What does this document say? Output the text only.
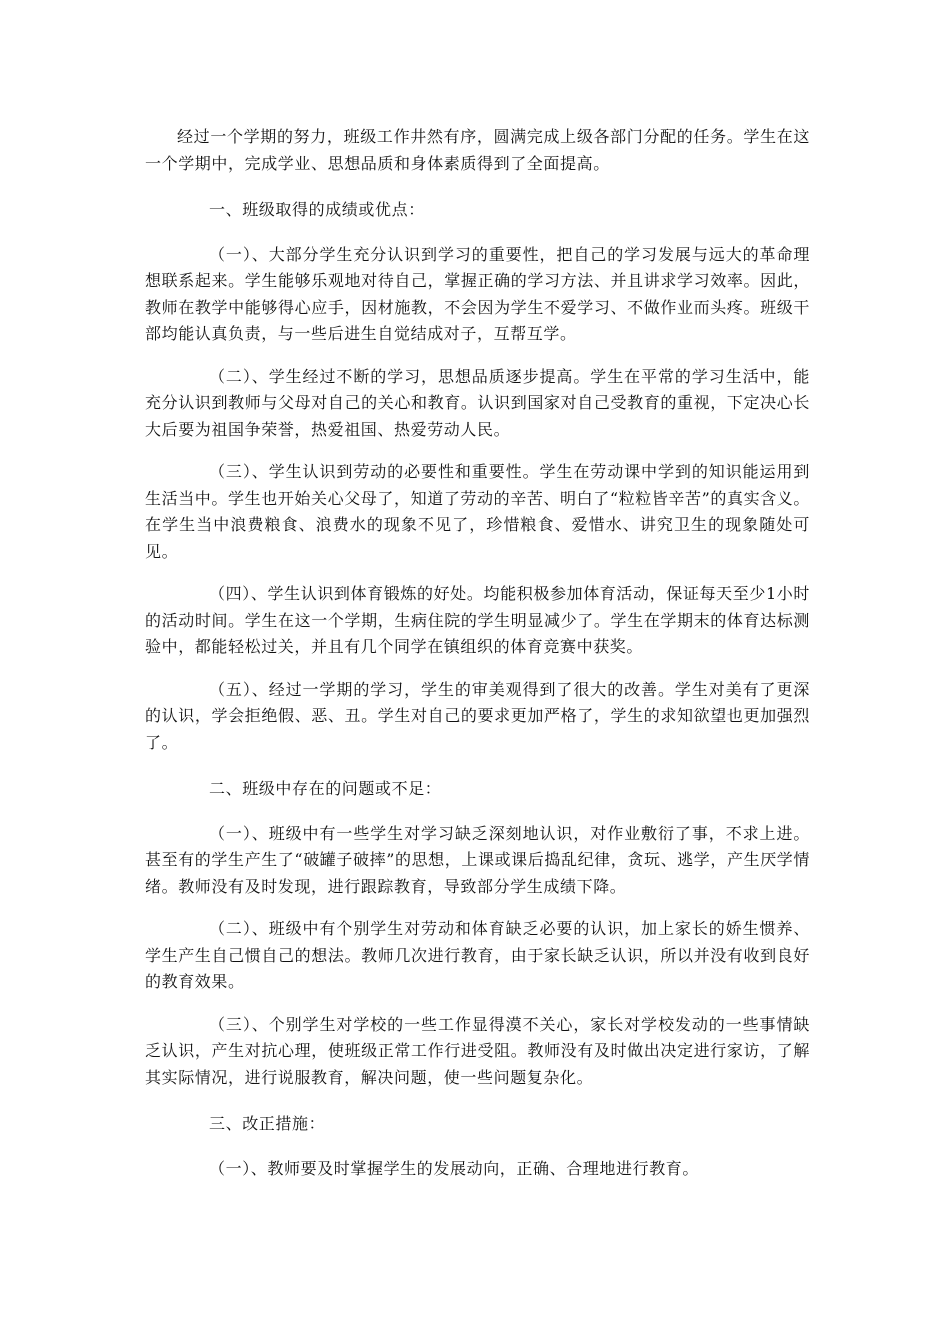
经过一个学期的努力，班级工作井然有序，圆满完成上级各部门分配的任务。学生在这一个学期中，完成学业、思想品质和身体素质得到了全面提高。

一、班级取得的成绩或优点：

（一）、大部分学生充分认识到学习的重要性，把自己的学习发展与远大的革命理想联系起来。学生能够乐观地对待自己，掌握正确的学习方法、并且讲求学习效率。因此，教师在教学中能够得心应手，因材施教，不会因为学生不爱学习、不做作业而头疼。班级干部均能认真负责，与一些后进生自觉结成对子，互帮互学。

（二）、学生经过不断的学习，思想品质逐步提高。学生在平常的学习生活中，能充分认识到教师与父母对自己的关心和教育。认识到国家对自己受教育的重视，下定决心长大后要为祖国争荣誉，热爱祖国、热爱劳动人民。

（三）、学生认识到劳动的必要性和重要性。学生在劳动课中学到的知识能运用到生活当中。学生也开始关心父母了，知道了劳动的辛苦、明白了“粒粒皆辛苦”的真实含义。在学生当中浪费粮食、浪费水的现象不见了，珍惜粮食、爱惜水、讲究卫生的现象随处可见。

（四）、学生认识到体育锻炼的好处。均能积极参加体育活动，保证每天至少1小时的活动时间。学生在这一个学期，生病住院的学生明显减少了。学生在学期末的体育达标测验中，都能轻松过关，并且有几个同学在镇组织的体育竞赛中获奖。

（五）、经过一学期的学习，学生的审美观得到了很大的改善。学生对美有了更深的认识，学会拒绝假、恶、丑。学生对自己的要求更加严格了，学生的求知欲望也更加强烈了。

二、班级中存在的问题或不足：

（一）、班级中有一些学生对学习缺乏深刻地认识，对作业敷衍了事，不求上进。甚至有的学生产生了“破罐子破摔”的思想，上课或课后捣乱纪律，贪玩、逃学，产生厌学情绪。教师没有及时发现，进行跟踪教育，导致部分学生成绩下降。

（二）、班级中有个别学生对劳动和体育缺乏必要的认识，加上家长的娇生惯养、学生产生自己惯自己的想法。教师几次进行教育，由于家长缺乏认识，所以并没有收到良好的教育效果。

（三）、个别学生对学校的一些工作显得漠不关心，家长对学校发动的一些事情缺乏认识，产生对抗心理，使班级正常工作行进受阻。教师没有及时做出决定进行家访，了解其实际情况，进行说服教育，解决问题，使一些问题复杂化。

三、改正措施：

（一）、教师要及时掌握学生的发展动向，正确、合理地进行教育。
